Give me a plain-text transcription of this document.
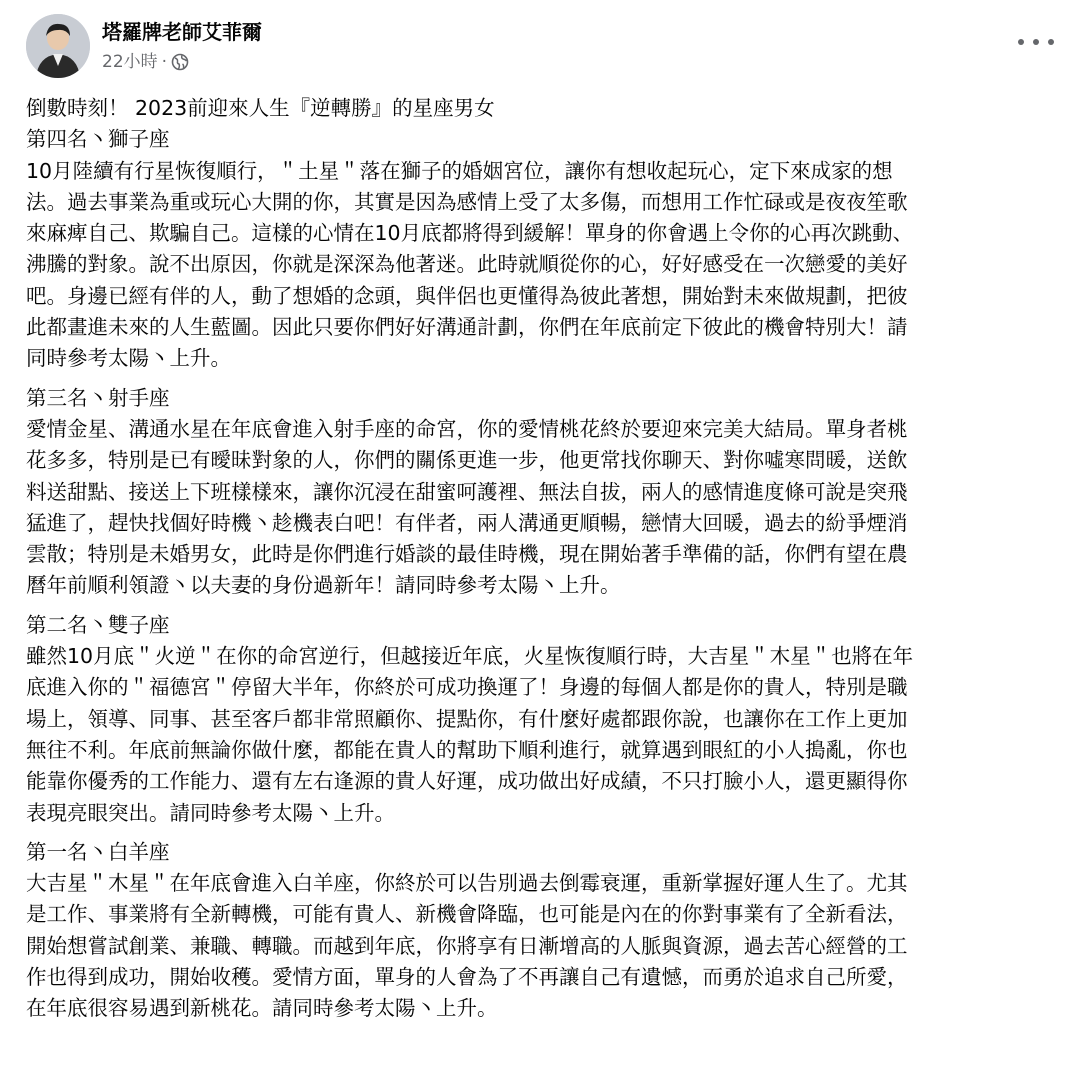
塔羅牌老師艾菲爾
22小時 ·

倒數時刻！ 2023前迎來人生『逆轉勝』的星座男女

第四名丶獅子座

10月陸續有行星恢復順行，＂土星＂落在獅子的婚姻宮位，讓你有想收起玩心，定下來成家的想

法。過去事業為重或玩心大開的你，其實是因為感情上受了太多傷，而想用工作忙碌或是夜夜笙歌

來麻痺自己、欺騙自己。這樣的心情在10月底都將得到緩解！單身的你會遇上令你的心再次跳動、

沸騰的對象。說不出原因，你就是深深為他著迷。此時就順從你的心，好好感受在一次戀愛的美好

吧。身邊已經有伴的人，動了想婚的念頭，與伴侶也更懂得為彼此著想，開始對未來做規劃，把彼

此都畫進未來的人生藍圖。因此只要你們好好溝通計劃，你們在年底前定下彼此的機會特別大！請

同時參考太陽丶上升。

第三名丶射手座

愛情金星、溝通水星在年底會進入射手座的命宮，你的愛情桃花終於要迎來完美大結局。單身者桃

花多多，特別是已有曖昧對象的人，你們的關係更進一步，他更常找你聊天、對你噓寒問暖，送飲

料送甜點、接送上下班樣樣來，讓你沉浸在甜蜜呵護裡、無法自拔，兩人的感情進度條可說是突飛

猛進了，趕快找個好時機丶趁機表白吧！有伴者，兩人溝通更順暢，戀情大回暖，過去的紛爭煙消

雲散；特別是未婚男女，此時是你們進行婚談的最佳時機，現在開始著手準備的話，你們有望在農

曆年前順利領證丶以夫妻的身份過新年！請同時參考太陽丶上升。

第二名丶雙子座

雖然10月底＂火逆＂在你的命宮逆行，但越接近年底，火星恢復順行時，大吉星＂木星＂也將在年

底進入你的＂福德宮＂停留大半年，你終於可成功換運了！身邊的每個人都是你的貴人，特別是職

場上，領導、同事、甚至客戶都非常照顧你、提點你，有什麼好處都跟你說，也讓你在工作上更加

無往不利。年底前無論你做什麼，都能在貴人的幫助下順利進行，就算遇到眼紅的小人搗亂，你也

能靠你優秀的工作能力、還有左右逢源的貴人好運，成功做出好成績，不只打臉小人，還更顯得你

表現亮眼突出。請同時參考太陽丶上升。

第一名丶白羊座

大吉星＂木星＂在年底會進入白羊座，你終於可以告別過去倒霉衰運，重新掌握好運人生了。尤其

是工作、事業將有全新轉機，可能有貴人、新機會降臨，也可能是內在的你對事業有了全新看法，

開始想嘗試創業、兼職、轉職。而越到年底，你將享有日漸增高的人脈與資源，過去苦心經營的工

作也得到成功，開始收穫。愛情方面，單身的人會為了不再讓自己有遺憾，而勇於追求自己所愛，

在年底很容易遇到新桃花。請同時參考太陽丶上升。
